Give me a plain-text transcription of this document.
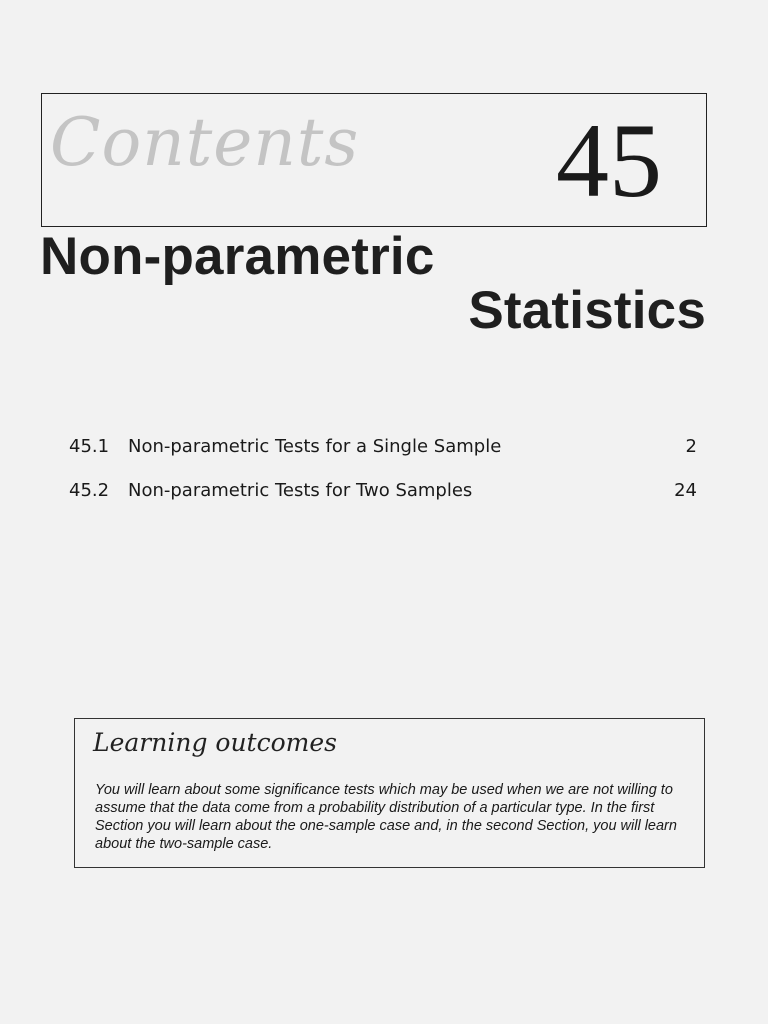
Contents 45
Non-parametric
Statistics
45.1	Non-parametric Tests for a Single Sample	2
45.2	Non-parametric Tests for Two Samples	24
Learning outcomes
You will learn about some significance tests which may be used when we are not willing to assume that the data come from a probability distribution of a particular type. In the first Section you will learn about the one-sample case and, in the second Section, you will learn about the two-sample case.
